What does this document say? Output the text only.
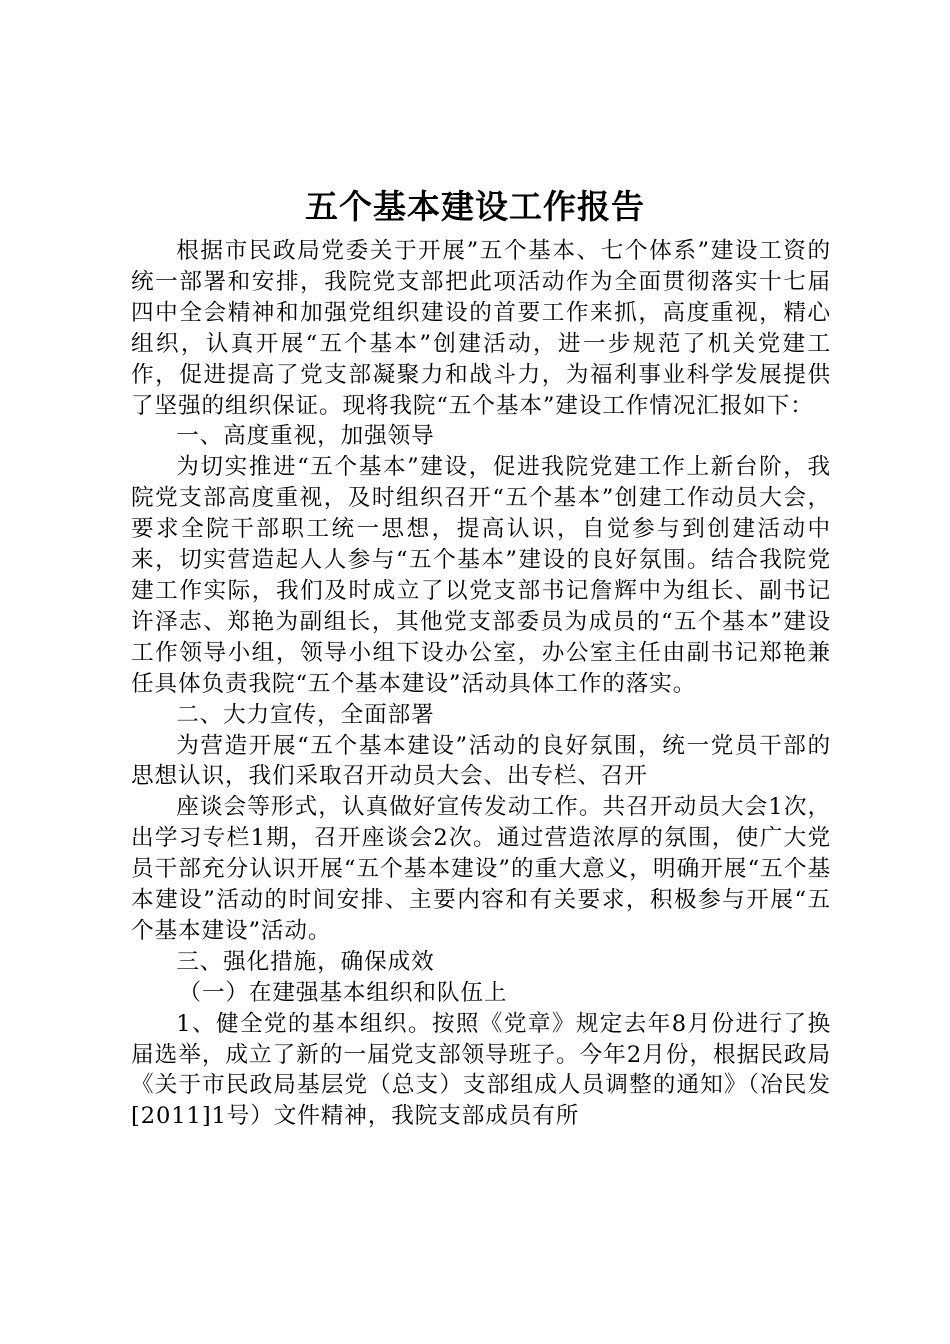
五个基本建设工作报告

根据市民政局党委关于开展”五个基本、七个体系”建设工资的统一部署和安排，我院党支部把此项活动作为全面贯彻落实十七届四中全会精神和加强党组织建设的首要工作来抓，高度重视，精心组织，认真开展“五个基本”创建活动，进一步规范了机关党建工作，促进提高了党支部凝聚力和战斗力，为福利事业科学发展提供了坚强的组织保证。现将我院“五个基本”建设工作情况汇报如下：

一、高度重视，加强领导

为切实推进“五个基本”建设，促进我院党建工作上新台阶，我院党支部高度重视，及时组织召开“五个基本”创建工作动员大会，要求全院干部职工统一思想，提高认识，自觉参与到创建活动中来，切实营造起人人参与“五个基本”建设的良好氛围。结合我院党建工作实际，我们及时成立了以党支部书记詹辉中为组长、副书记许泽志、郑艳为副组长，其他党支部委员为成员的“五个基本”建设工作领导小组，领导小组下设办公室，办公室主任由副书记郑艳兼任具体负责我院“五个基本建设”活动具体工作的落实。

二、大力宣传，全面部署

为营造开展“五个基本建设”活动的良好氛围，统一党员干部的思想认识，我们采取召开动员大会、出专栏、召开

座谈会等形式，认真做好宣传发动工作。共召开动员大会1次，出学习专栏1期，召开座谈会2次。通过营造浓厚的氛围，使广大党员干部充分认识开展“五个基本建设”的重大意义，明确开展“五个基本建设”活动的时间安排、主要内容和有关要求，积极参与开展“五个基本建设”活动。

三、强化措施，确保成效

（一）在建强基本组织和队伍上

1、健全党的基本组织。按照《党章》规定去年8月份进行了换届选举，成立了新的一届党支部领导班子。今年2月份，根据民政局《关于市民政局基层党（总支）支部组成人员调整的通知》（冶民发[2011]1号）文件精神，我院支部成员有所
